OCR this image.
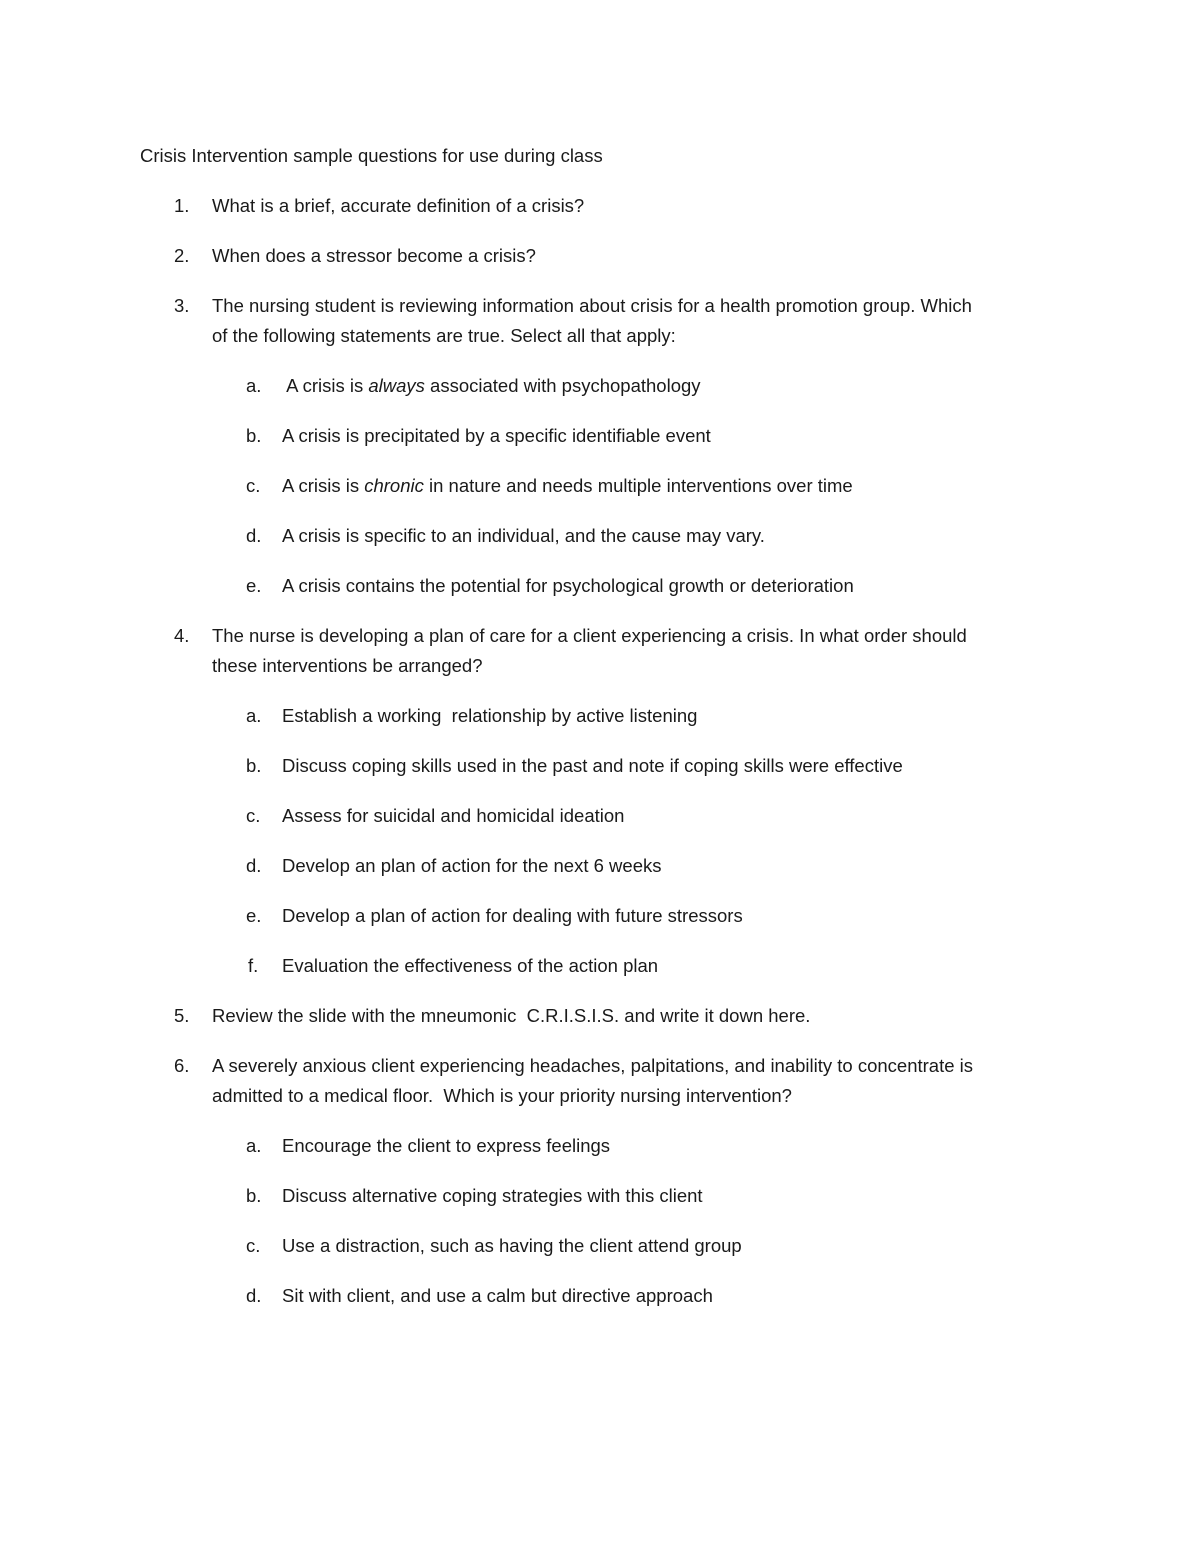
Crisis Intervention sample questions for use during class
1. What is a brief, accurate definition of a crisis?
2. When does a stressor become a crisis?
3. The nursing student is reviewing information about crisis for a health promotion group. Which
of the following statements are true. Select all that apply:
a. A crisis is always associated with psychopathology
b. A crisis is precipitated by a specific identifiable event
c. A crisis is chronic in nature and needs multiple interventions over time
d. A crisis is specific to an individual, and the cause may vary.
e. A crisis contains the potential for psychological growth or deterioration
4. The nurse is developing a plan of care for a client experiencing a crisis. In what order should
these interventions be arranged?
a. Establish a working  relationship by active listening
b. Discuss coping skills used in the past and note if coping skills were effective
c. Assess for suicidal and homicidal ideation
d. Develop an plan of action for the next 6 weeks
e. Develop a plan of action for dealing with future stressors
f. Evaluation the effectiveness of the action plan
5. Review the slide with the mneumonic  C.R.I.S.I.S. and write it down here.
6. A severely anxious client experiencing headaches, palpitations, and inability to concentrate is
admitted to a medical floor.  Which is your priority nursing intervention?
a. Encourage the client to express feelings
b. Discuss alternative coping strategies with this client
c. Use a distraction, such as having the client attend group
d. Sit with client, and use a calm but directive approach
